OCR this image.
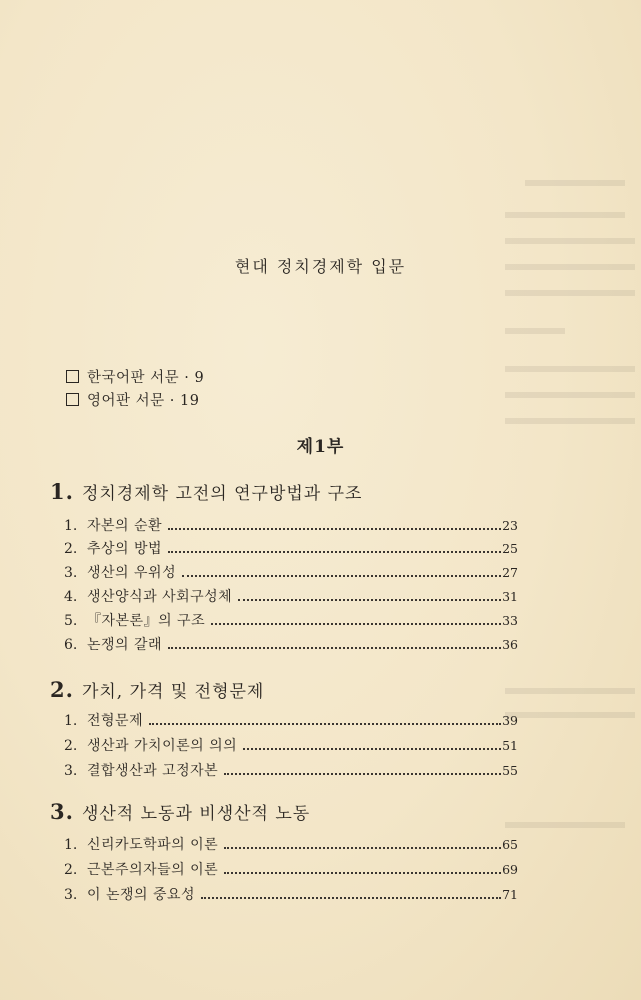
현대 정치경제학 입문
한국어판 서문 · 9
영어판 서문 · 19
제1부
1. 정치경제학 고전의 연구방법과 구조
1. 자본의 순환	23
2. 추상의 방법	25
3. 생산의 우위성	27
4. 생산양식과 사회구성체	31
5. 『자본론』의 구조	33
6. 논쟁의 갈래	36
2. 가치, 가격 및 전형문제
1. 전형문제	39
2. 생산과 가치이론의 의의	51
3. 결합생산과 고정자본	55
3. 생산적 노동과 비생산적 노동
1. 신리카도학파의 이론	65
2. 근본주의자들의 이론	69
3. 이 논쟁의 중요성	71
